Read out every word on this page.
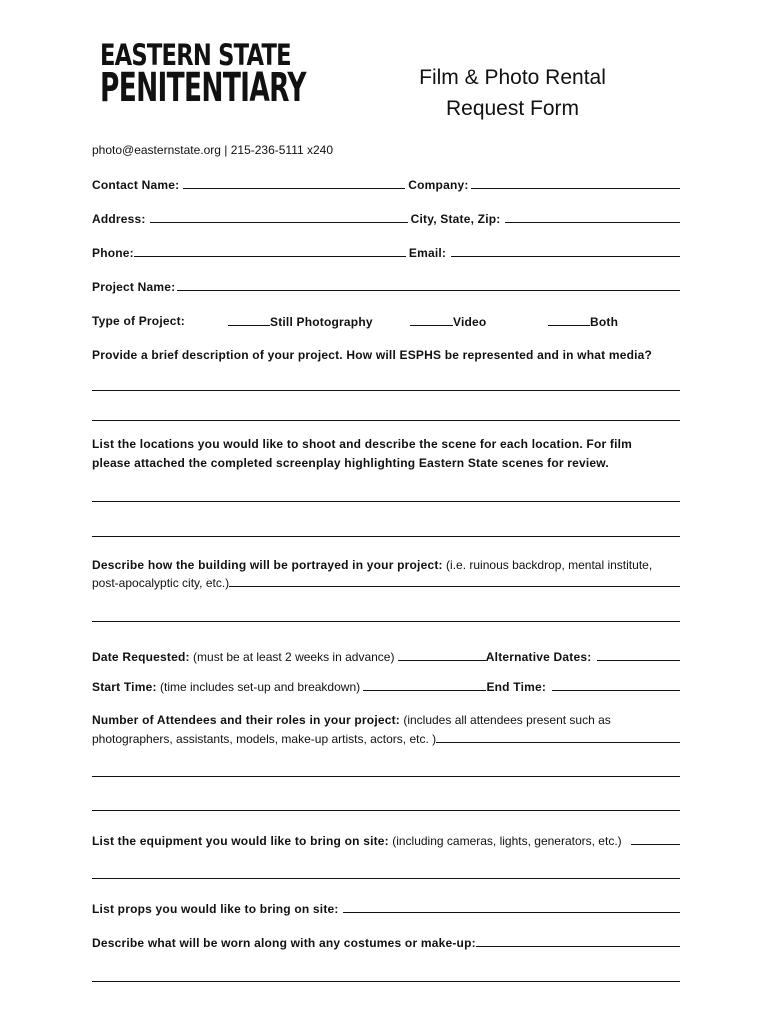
EASTERN STATE
PENITENTIARY	Film & Photo Rental
Request Form
photo@easternstate.org | 215-236-5111 x240
Contact Name:	Company:
Address:	City, State, Zip:
Phone:	Email:
Project Name:
Type of Project:	Still Photography	Video	Both
Provide a brief description of your project. How will ESPHS be represented and in what media?
List the locations you would like to shoot and describe the scene for each location. For film
please attached the completed screenplay highlighting Eastern State scenes for review.
Describe how the building will be portrayed in your project: (i.e. ruinous backdrop, mental institute,
post-apocalyptic city, etc.)
Date Requested: (must be at least 2 weeks in advance)	Alternative Dates:
Start Time: (time includes set-up and breakdown)	End Time:
Number of Attendees and their roles in your project: (includes all attendees present such as
photographers, assistants, models, make-up artists, actors, etc. )
List the equipment you would like to bring on site: (including cameras, lights, generators, etc.)
List props you would like to bring on site:
Describe what will be worn along with any costumes or make-up:
